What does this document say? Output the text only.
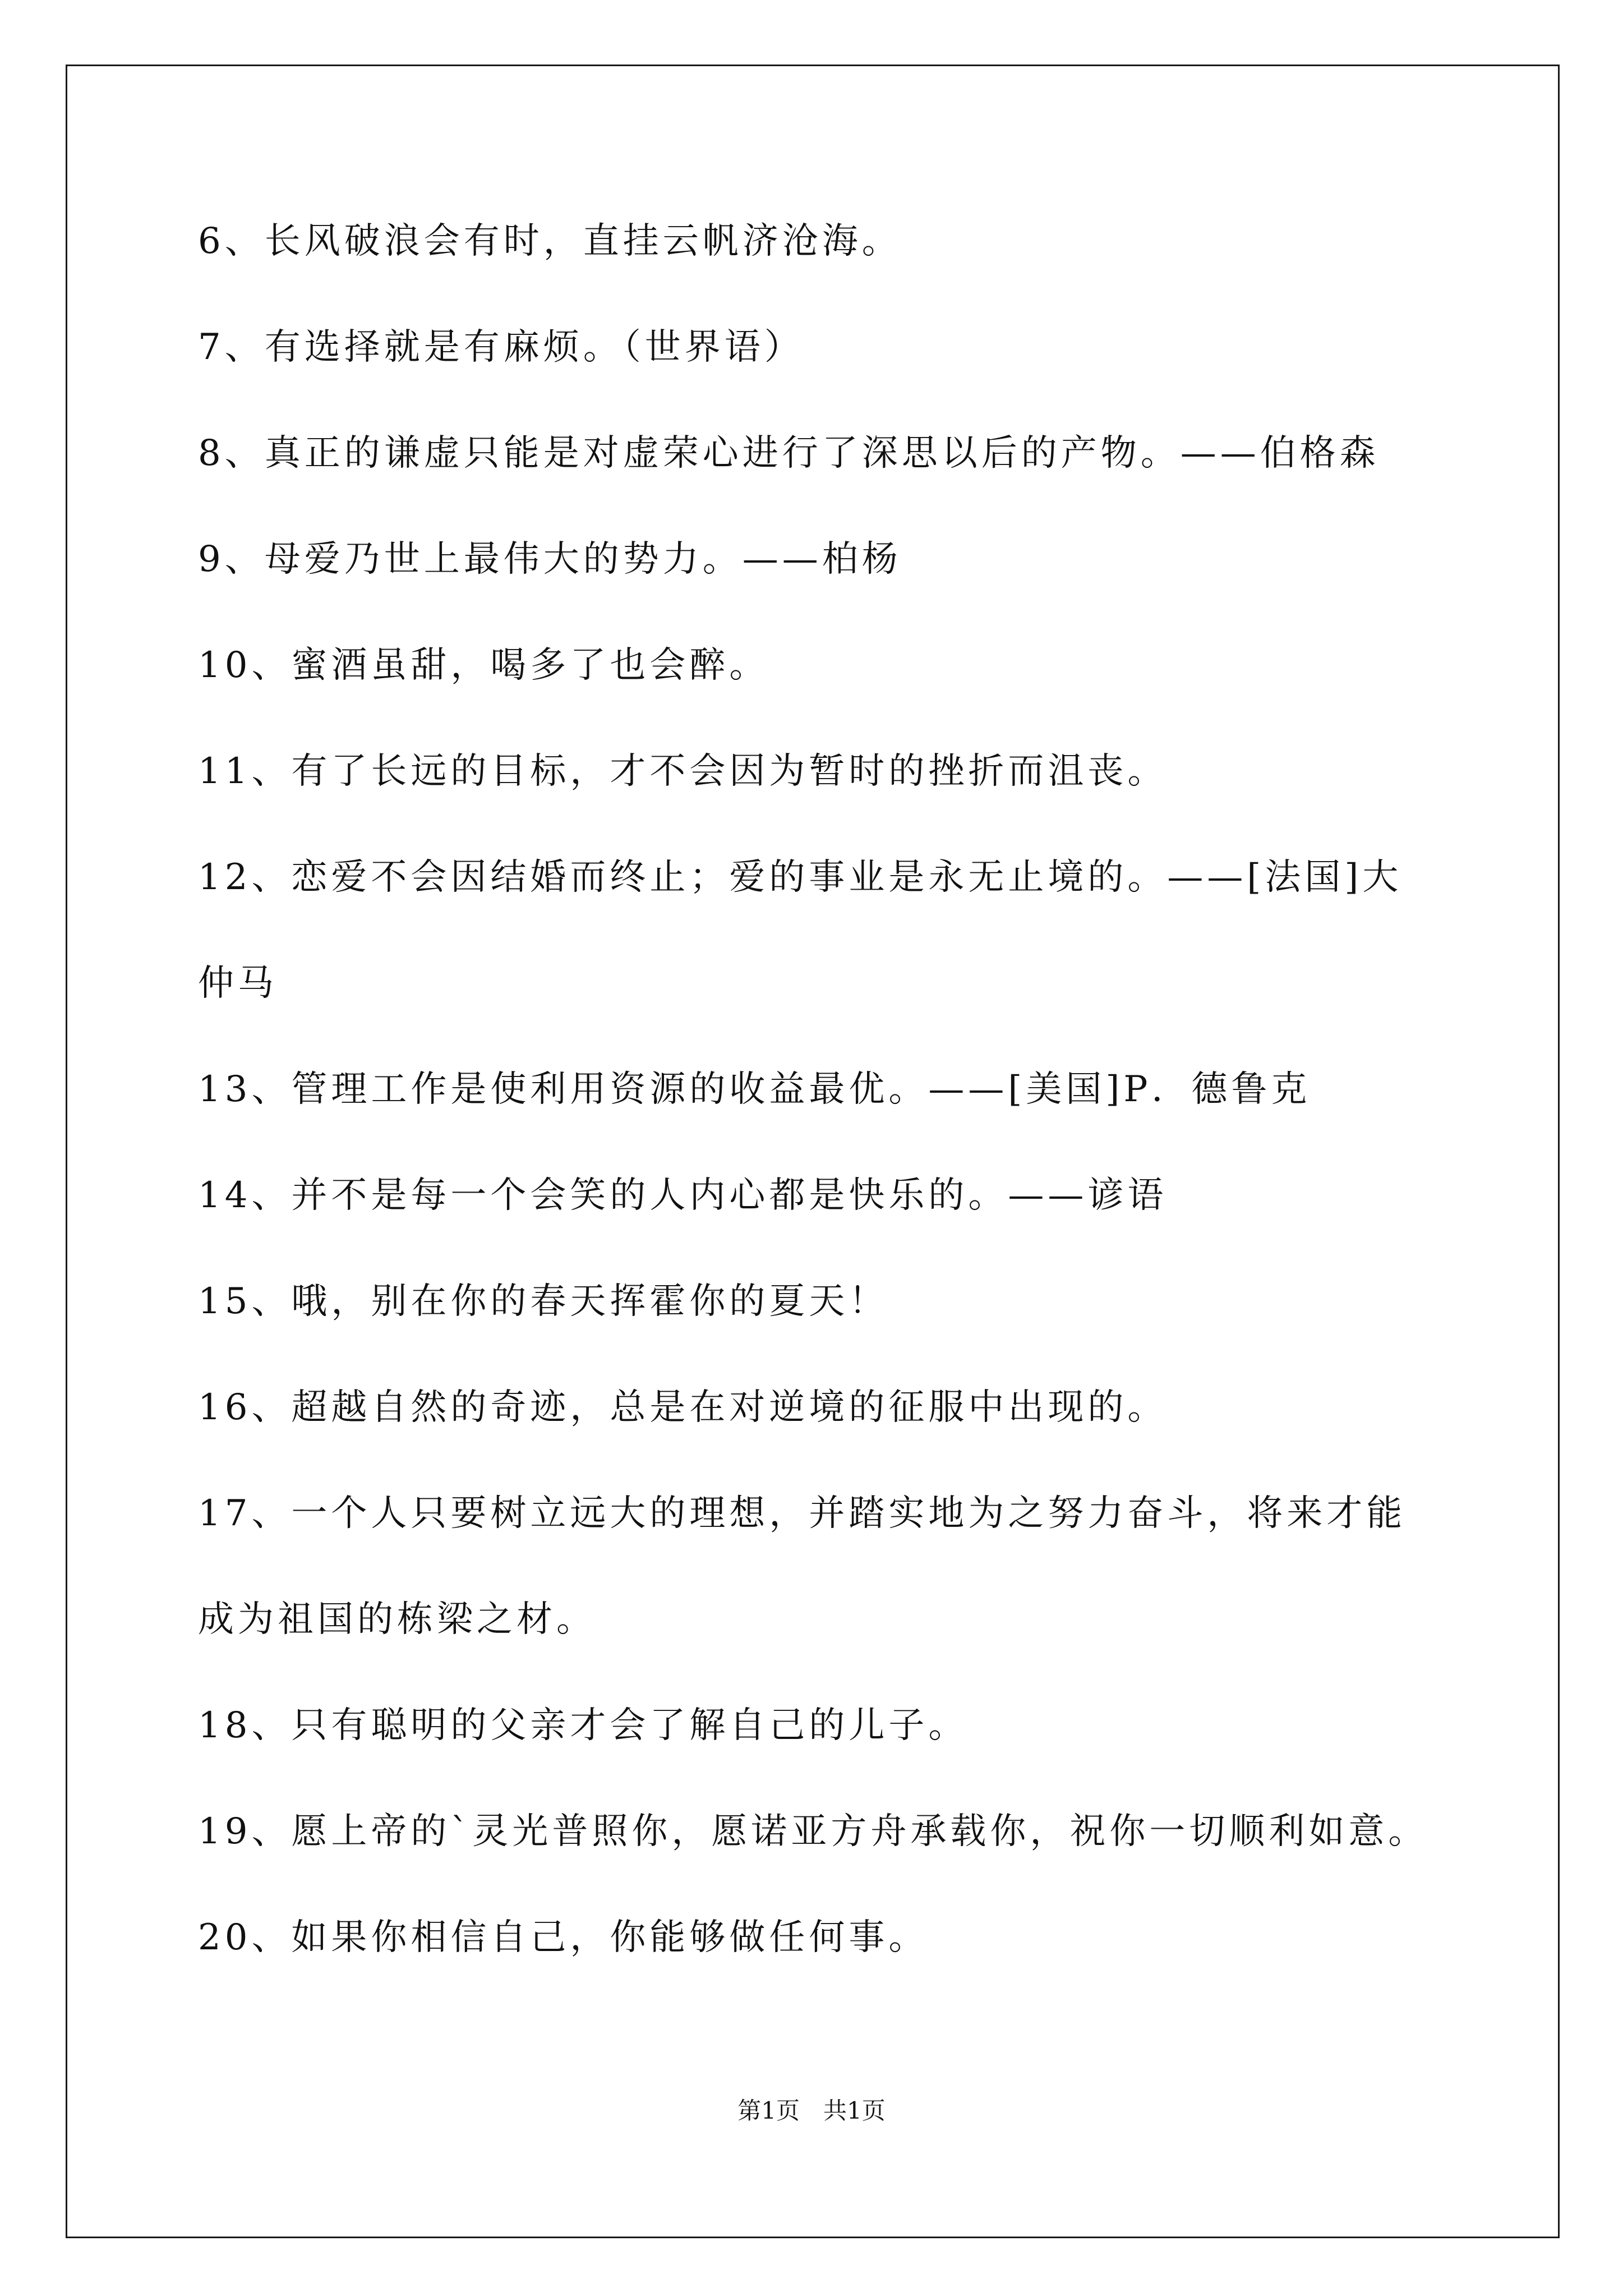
6、长风破浪会有时，直挂云帆济沧海。
7、有选择就是有麻烦。（世界语）
8、真正的谦虚只能是对虚荣心进行了深思以后的产物。——伯格森
9、母爱乃世上最伟大的势力。——柏杨
10、蜜酒虽甜，喝多了也会醉。
11、有了长远的目标，才不会因为暂时的挫折而沮丧。
12、恋爱不会因结婚而终止；爱的事业是永无止境的。——[法国]大
仲马
13、管理工作是使利用资源的收益最优。——[美国]P．德鲁克
14、并不是每一个会笑的人内心都是快乐的。——谚语
15、哦，别在你的春天挥霍你的夏天！
16、超越自然的奇迹，总是在对逆境的征服中出现的。
17、一个人只要树立远大的理想，并踏实地为之努力奋斗，将来才能
成为祖国的栋梁之材。
18、只有聪明的父亲才会了解自己的儿子。
19、愿上帝的`灵光普照你，愿诺亚方舟承载你，祝你一切顺利如意。
20、如果你相信自己，你能够做任何事。
第1页　共1页
